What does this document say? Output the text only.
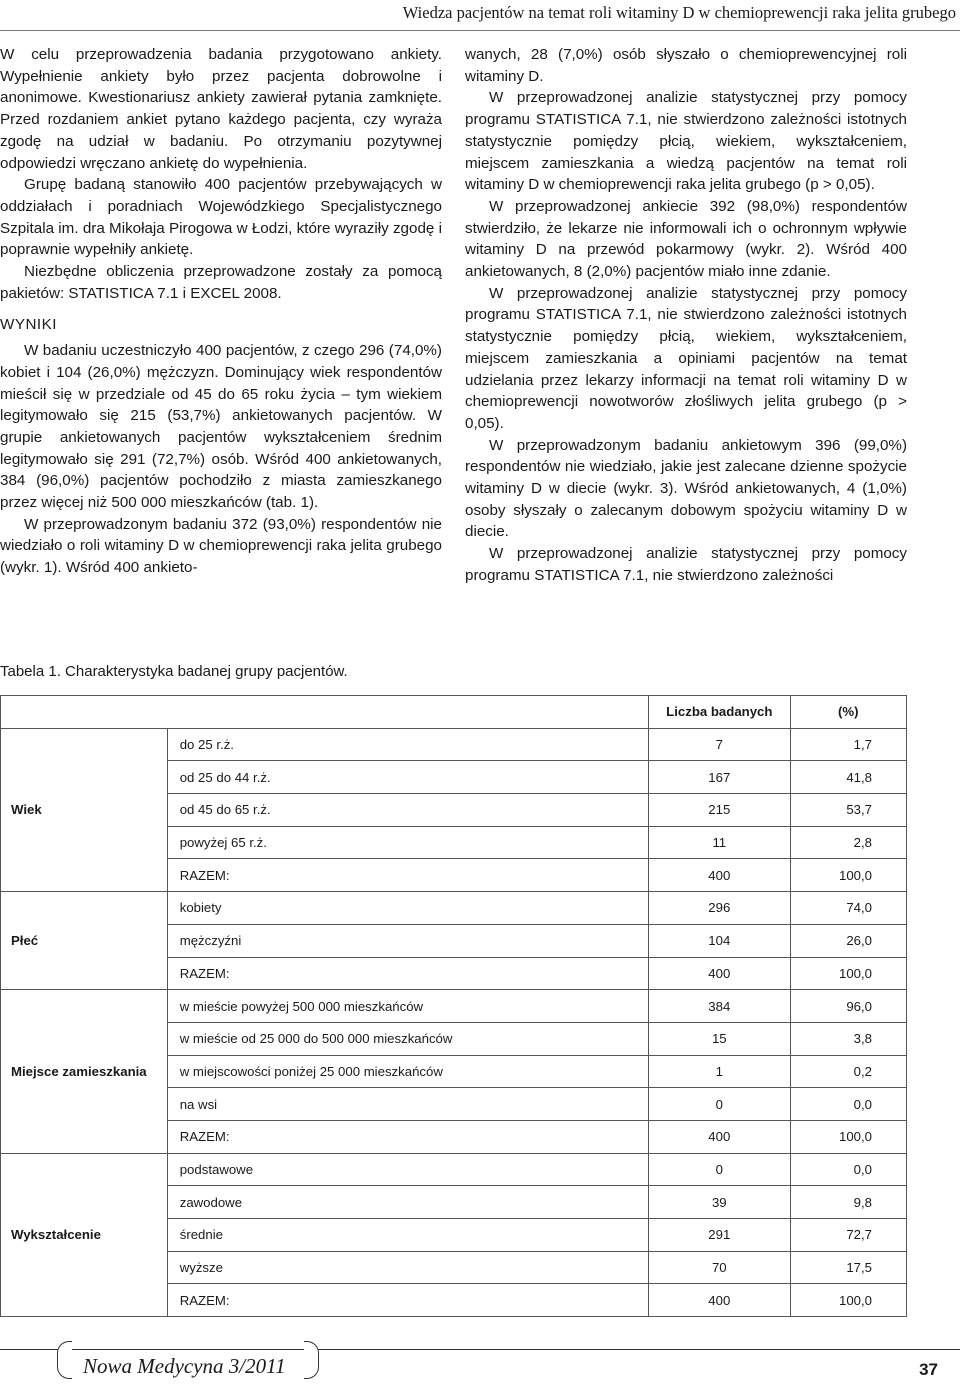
Wiedza pacjentów na temat roli witaminy D w chemioprewencji raka jelita grubego

W celu przeprowadzenia badania przygotowano ankiety. Wypełnienie ankiety było przez pacjenta dobrowolne i anonimowe. Kwestionariusz ankiety zawierał pytania zamknięte. Przed rozdaniem ankiet pytano każdego pacjenta, czy wyraża zgodę na udział w badaniu. Po otrzymaniu pozytywnej odpowiedzi wręczano ankietę do wypełnienia.

Grupę badaną stanowiło 400 pacjentów przebywających w oddziałach i poradniach Wojewódzkiego Specjalistycznego Szpitala im. dra Mikołaja Pirogowa w Łodzi, które wyraziły zgodę i poprawnie wypełniły ankietę.

Niezbędne obliczenia przeprowadzone zostały za pomocą pakietów: STATISTICA 7.1 i EXCEL 2008.

WYNIKI

W badaniu uczestniczyło 400 pacjentów, z czego 296 (74,0%) kobiet i 104 (26,0%) mężczyzn. Dominujący wiek respondentów mieścił się w przedziale od 45 do 65 roku życia – tym wiekiem legitymowało się 215 (53,7%) ankietowanych pacjentów. W grupie ankietowanych pacjentów wykształceniem średnim legitymowało się 291 (72,7%) osób. Wśród 400 ankietowanych, 384 (96,0%) pacjentów pochodziło z miasta zamieszkanego przez więcej niż 500 000 mieszkańców (tab. 1).

W przeprowadzonym badaniu 372 (93,0%) respondentów nie wiedziało o roli witaminy D w chemioprewencji raka jelita grubego (wykr. 1). Wśród 400 ankieto-

wanych, 28 (7,0%) osób słyszało o chemioprewencyjnej roli witaminy D.

W przeprowadzonej analizie statystycznej przy pomocy programu STATISTICA 7.1, nie stwierdzono zależności istotnych statystycznie pomiędzy płcią, wiekiem, wykształceniem, miejscem zamieszkania a wiedzą pacjentów na temat roli witaminy D w chemioprewencji raka jelita grubego (p > 0,05).

W przeprowadzonej ankiecie 392 (98,0%) respondentów stwierdziło, że lekarze nie informowali ich o ochronnym wpływie witaminy D na przewód pokarmowy (wykr. 2). Wśród 400 ankietowanych, 8 (2,0%) pacjentów miało inne zdanie.

W przeprowadzonej analizie statystycznej przy pomocy programu STATISTICA 7.1, nie stwierdzono zależności istotnych statystycznie pomiędzy płcią, wiekiem, wykształceniem, miejscem zamieszkania a opiniami pacjentów na temat udzielania przez lekarzy informacji na temat roli witaminy D w chemioprewencji nowotworów złośliwych jelita grubego (p > 0,05).

W przeprowadzonym badaniu ankietowym 396 (99,0%) respondentów nie wiedziało, jakie jest zalecane dzienne spożycie witaminy D w diecie (wykr. 3). Wśród ankietowanych, 4 (1,0%) osoby słyszały o zalecanym dobowym spożyciu witaminy D w diecie.

W przeprowadzonej analizie statystycznej przy pomocy programu STATISTICA 7.1, nie stwierdzono zależności

Tabela 1. Charakterystyka badanej grupy pacjentów.
		Liczba badanych	(%)
Wiek	do 25 r.ż.	7	1,7
	od 25 do 44 r.ż.	167	41,8
	od 45 do 65 r.ż.	215	53,7
	powyżej 65 r.ż.	11	2,8
	RAZEM:	400	100,0
Płeć	kobiety	296	74,0
	mężczyźni	104	26,0
	RAZEM:	400	100,0
Miejsce zamieszkania	w mieście powyżej 500 000 mieszkańców	384	96,0
	w mieście od 25 000 do 500 000 mieszkańców	15	3,8
	w miejscowości poniżej 25 000 mieszkańców	1	0,2
	na wsi	0	0,0
	RAZEM:	400	100,0
Wykształcenie	podstawowe	0	0,0
	zawodowe	39	9,8
	średnie	291	72,7
	wyższe	70	17,5
	RAZEM:	400	100,0
Nowa Medycyna 3/2011	37
